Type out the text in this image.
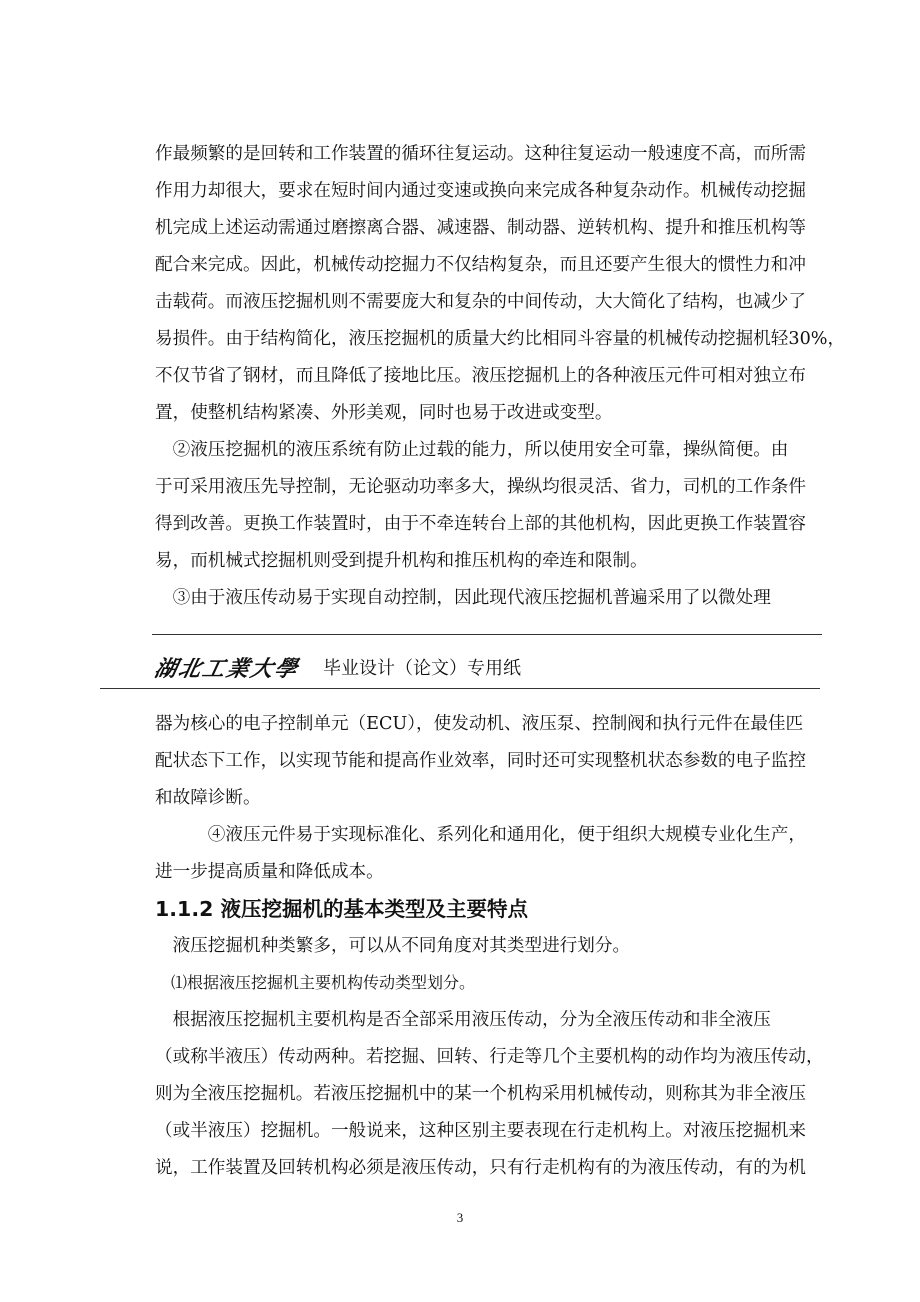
作最频繁的是回转和工作装置的循环往复运动。这种往复运动一般速度不高，而所需
作用力却很大，要求在短时间内通过变速或换向来完成各种复杂动作。机械传动挖掘
机完成上述运动需通过磨擦离合器、减速器、制动器、逆转机构、提升和推压机构等
配合来完成。因此，机械传动挖掘力不仅结构复杂，而且还要产生很大的惯性力和冲
击载荷。而液压挖掘机则不需要庞大和复杂的中间传动，大大简化了结构，也减少了
易损件。由于结构简化，液压挖掘机的质量大约比相同斗容量的机械传动挖掘机轻30%，
不仅节省了钢材，而且降低了接地比压。液压挖掘机上的各种液压元件可相对独立布
置，使整机结构紧凑、外形美观，同时也易于改进或变型。
　②液压挖掘机的液压系统有防止过载的能力，所以使用安全可靠，操纵简便。由
于可采用液压先导控制，无论驱动功率多大，操纵均很灵活、省力，司机的工作条件
得到改善。更换工作装置时，由于不牵连转台上部的其他机构，因此更换工作装置容
易，而机械式挖掘机则受到提升机构和推压机构的牵连和限制。
　③由于液压传动易于实现自动控制，因此现代液压挖掘机普遍采用了以微处理
湖北工業大學 毕业设计（论文）专用纸
器为核心的电子控制单元（ECU），使发动机、液压泵、控制阀和执行元件在最佳匹
配状态下工作，以实现节能和提高作业效率，同时还可实现整机状态参数的电子监控
和故障诊断。
　　　④液压元件易于实现标准化、系列化和通用化，便于组织大规模专业化生产，
进一步提高质量和降低成本。
1.1.2 液压挖掘机的基本类型及主要特点
　液压挖掘机种类繁多，可以从不同角度对其类型进行划分。
　⑴根据液压挖掘机主要机构传动类型划分。
　根据液压挖掘机主要机构是否全部采用液压传动，分为全液压传动和非全液压
（或称半液压）传动两种。若挖掘、回转、行走等几个主要机构的动作均为液压传动，
则为全液压挖掘机。若液压挖掘机中的某一个机构采用机械传动，则称其为非全液压
（或半液压）挖掘机。一般说来，这种区别主要表现在行走机构上。对液压挖掘机来
说，工作装置及回转机构必须是液压传动，只有行走机构有的为液压传动，有的为机
3
